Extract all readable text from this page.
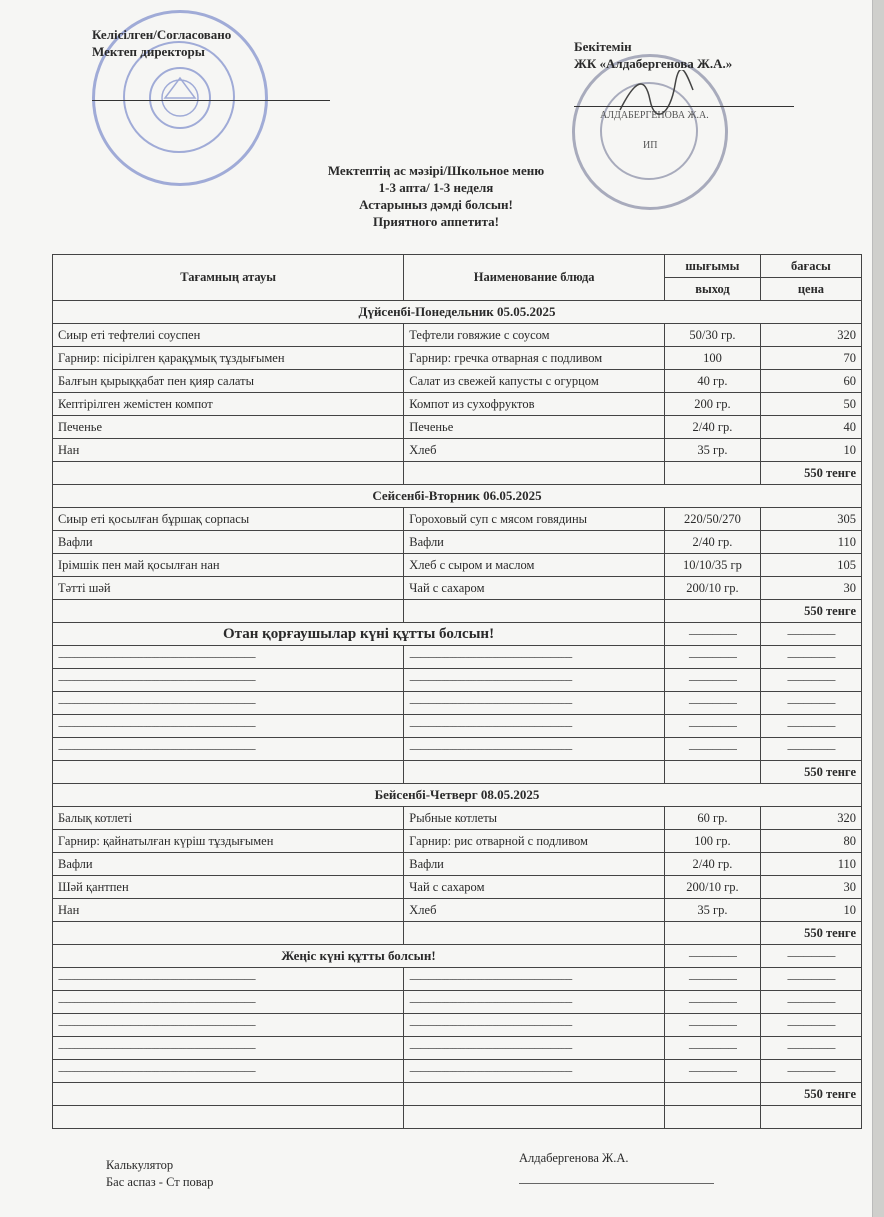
АЛДАБЕРГЕНОВА Ж.А.
ИП
Келісілген/Согласовано
Мектеп директоры	Бекітемін
ЖК «Алдабергенова Ж.А.»
Мектептің ас мәзірі/Школьное меню
1-3 апта/ 1-3 неделя
Астарыныз дәмді болсын!
Приятного аппетита!
Тағамның атауы	Наименование блюда	шығымы	бағасы
		выход	цена
Дүйсенбі-Понедельник 05.05.2025			
Сиыр еті тефтелиі соуспен	Тефтели говяжие с соусом	50/30 гр.	320
Гарнир: пісірілген қарақұмық тұздығымен	Гарнир: гречка отварная с подливом	100	70
Балғын қырыққабат пен қияр салаты	Салат из свежей капусты с огурцом	40 гр.	60
Кептірілген жемістен компот	Компот из сухофруктов	200 гр.	50
Печенье	Печенье	2/40 гр.	40
Нан	Хлеб	35 гр.	10
			550 тенге
Сейсенбі-Вторник 06.05.2025			
Сиыр еті қосылған бұршақ сорпасы	Гороховый суп с мясом говядины	220/50/270	305
Вафли	Вафли	2/40 гр.	110
Ірімшік пен май қосылған нан	Хлеб с сыром и маслом	10/10/35 гр	105
Тәтті шәй	Чай с сахаром	200/10 гр.	30
			550 тенге
Отан қорғаушылар күні құтты болсын!		------------------	------------------
--------------------------------------------------------------------------	-------------------------------------------------------------	------------------	------------------
--------------------------------------------------------------------------	-------------------------------------------------------------	------------------	------------------
--------------------------------------------------------------------------	-------------------------------------------------------------	------------------	------------------
--------------------------------------------------------------------------	-------------------------------------------------------------	------------------	------------------
--------------------------------------------------------------------------	-------------------------------------------------------------	------------------	------------------
			550 тенге
Бейсенбі-Четверг 08.05.2025			
Балық котлеті	Рыбные котлеты	60 гр.	320
Гарнир: қайнатылған күріш тұздығымен	Гарнир: рис отварной с подливом	100 гр.	80
Вафли	Вафли	2/40 гр.	110
Шәй қантпен	Чай с сахаром	200/10 гр.	30
Нан	Хлеб	35 гр.	10
			550 тенге
Жеңіс күні құтты болсын!		------------------	------------------
--------------------------------------------------------------------------	-------------------------------------------------------------	------------------	------------------
--------------------------------------------------------------------------	-------------------------------------------------------------	------------------	------------------
--------------------------------------------------------------------------	-------------------------------------------------------------	------------------	------------------
--------------------------------------------------------------------------	-------------------------------------------------------------	------------------	------------------
--------------------------------------------------------------------------	-------------------------------------------------------------	------------------	------------------
			550 тенге

Калькулятор
Бас аспаз - Ст повар
Алдабергенова Ж.А.
